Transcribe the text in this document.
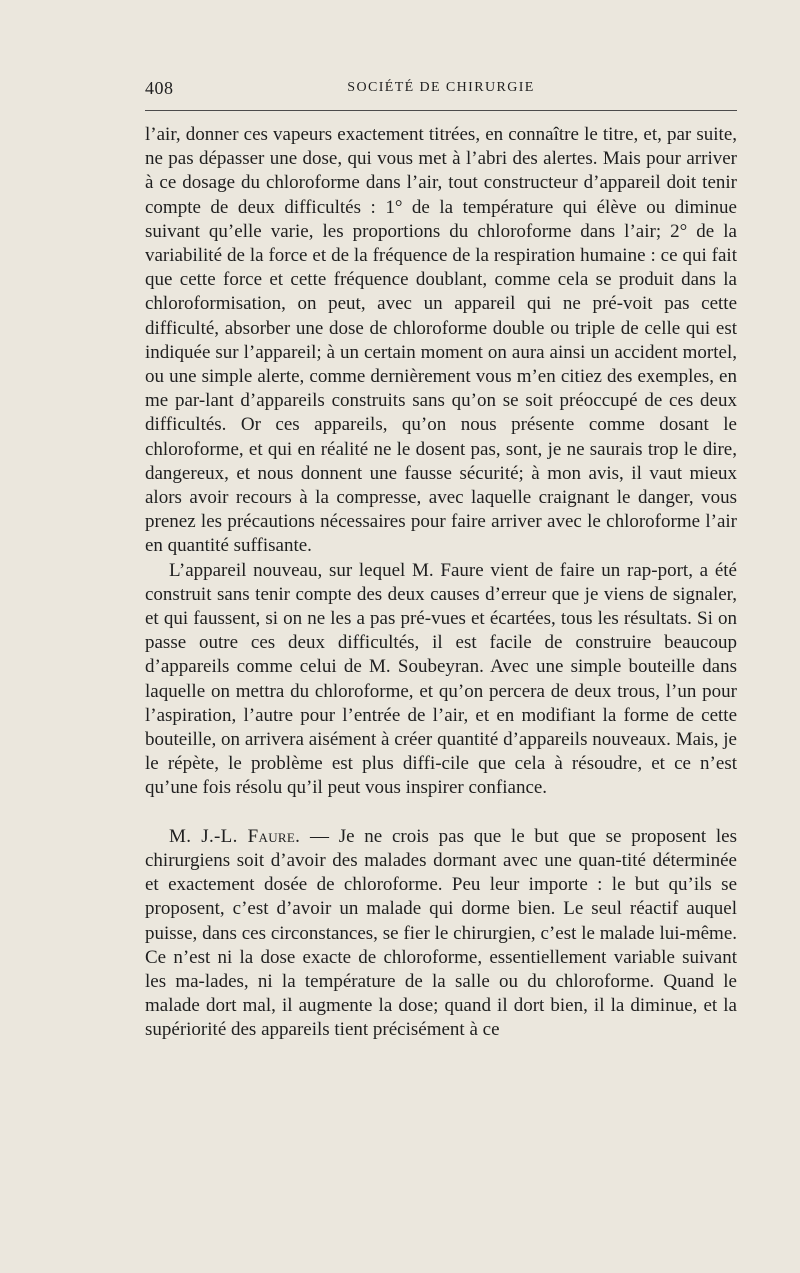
408	SOCIÉTÉ DE CHIRURGIE

l’air, donner ces vapeurs exactement titrées, en connaître le titre, et, par suite, ne pas dépasser une dose, qui vous met à l’abri des alertes. Mais pour arriver à ce dosage du chloroforme dans l’air, tout constructeur d’appareil doit tenir compte de deux difficultés : 1° de la température qui élève ou diminue suivant qu’elle varie, les proportions du chloroforme dans l’air; 2° de la variabilité de la force et de la fréquence de la respiration humaine : ce qui fait que cette force et cette fréquence doublant, comme cela se produit dans la chloroformisation, on peut, avec un appareil qui ne pré-voit pas cette difficulté, absorber une dose de chloroforme double ou triple de celle qui est indiquée sur l’appareil; à un certain moment on aura ainsi un accident mortel, ou une simple alerte, comme dernièrement vous m’en citiez des exemples, en me par-lant d’appareils construits sans qu’on se soit préoccupé de ces deux difficultés. Or ces appareils, qu’on nous présente comme dosant le chloroforme, et qui en réalité ne le dosent pas, sont, je ne saurais trop le dire, dangereux, et nous donnent une fausse sécurité; à mon avis, il vaut mieux alors avoir recours à la compresse, avec laquelle craignant le danger, vous prenez les précautions nécessaires pour faire arriver avec le chloroforme l’air en quantité suffisante.

L’appareil nouveau, sur lequel M. Faure vient de faire un rap-port, a été construit sans tenir compte des deux causes d’erreur que je viens de signaler, et qui faussent, si on ne les a pas pré-vues et écartées, tous les résultats. Si on passe outre ces deux difficultés, il est facile de construire beaucoup d’appareils comme celui de M. Soubeyran. Avec une simple bouteille dans laquelle on mettra du chloroforme, et qu’on percera de deux trous, l’un pour l’aspiration, l’autre pour l’entrée de l’air, et en modifiant la forme de cette bouteille, on arrivera aisément à créer quantité d’appareils nouveaux. Mais, je le répète, le problème est plus diffi-cile que cela à résoudre, et ce n’est qu’une fois résolu qu’il peut vous inspirer confiance.

M. J.-L. Faure. — Je ne crois pas que le but que se proposent les chirurgiens soit d’avoir des malades dormant avec une quan-tité déterminée et exactement dosée de chloroforme. Peu leur importe : le but qu’ils se proposent, c’est d’avoir un malade qui dorme bien. Le seul réactif auquel puisse, dans ces circonstances, se fier le chirurgien, c’est le malade lui-même. Ce n’est ni la dose exacte de chloroforme, essentiellement variable suivant les ma-lades, ni la température de la salle ou du chloroforme. Quand le malade dort mal, il augmente la dose; quand il dort bien, il la diminue, et la supériorité des appareils tient précisément à ce
